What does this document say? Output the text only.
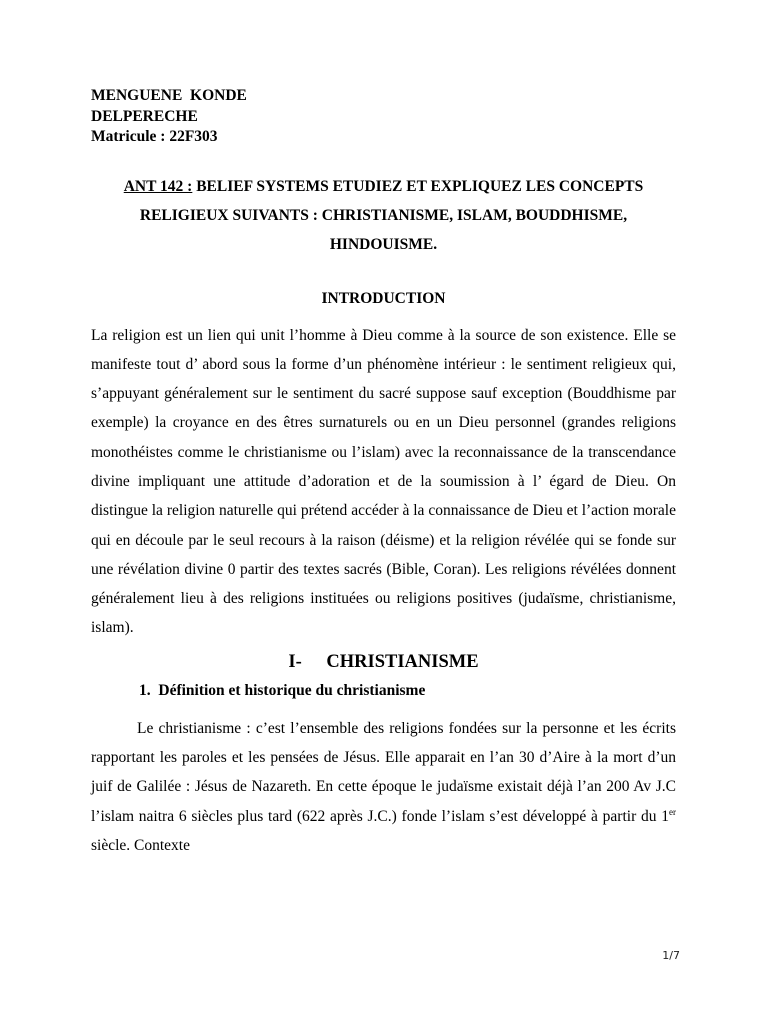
MENGUENE  KONDE
DELPERECHE
Matricule : 22F303
ANT 142 : BELIEF SYSTEMS ETUDIEZ ET EXPLIQUEZ LES CONCEPTS RELIGIEUX SUIVANTS : CHRISTIANISME, ISLAM, BOUDDHISME, HINDOUISME.
INTRODUCTION

La religion est un lien qui unit l’homme à Dieu comme à la source de son existence. Elle se manifeste tout d’ abord sous la forme d’un phénomène intérieur : le sentiment religieux qui, s’appuyant généralement sur le sentiment du sacré suppose sauf exception (Bouddhisme par exemple) la croyance en des êtres surnaturels ou en un Dieu personnel (grandes religions monothéistes comme le christianisme ou l’islam) avec la reconnaissance de la transcendance divine impliquant une attitude d’adoration et de la soumission à l’ égard de Dieu. On distingue la religion naturelle qui prétend accéder à la connaissance de Dieu et l’action morale qui en découle par le seul recours à la raison (déisme) et la religion révélée qui se fonde sur une révélation divine 0 partir des textes sacrés (Bible, Coran). Les religions révélées donnent généralement lieu à des religions instituées ou religions positives (judaïsme, christianisme, islam).

I- CHRISTIANISME
1. Définition et historique du christianisme

Le christianisme : c’est l’ensemble des religions fondées sur la personne et les écrits rapportant les paroles et les pensées de Jésus. Elle apparait en l’an 30 d’Aire à la mort d’un juif de Galilée : Jésus de Nazareth. En cette époque le judaïsme existait déjà l’an 200 Av J.C l’islam naitra 6 siècles plus tard (622 après J.C.) fonde l’islam s’est développé à partir du 1er siècle. Contexte

1/7
